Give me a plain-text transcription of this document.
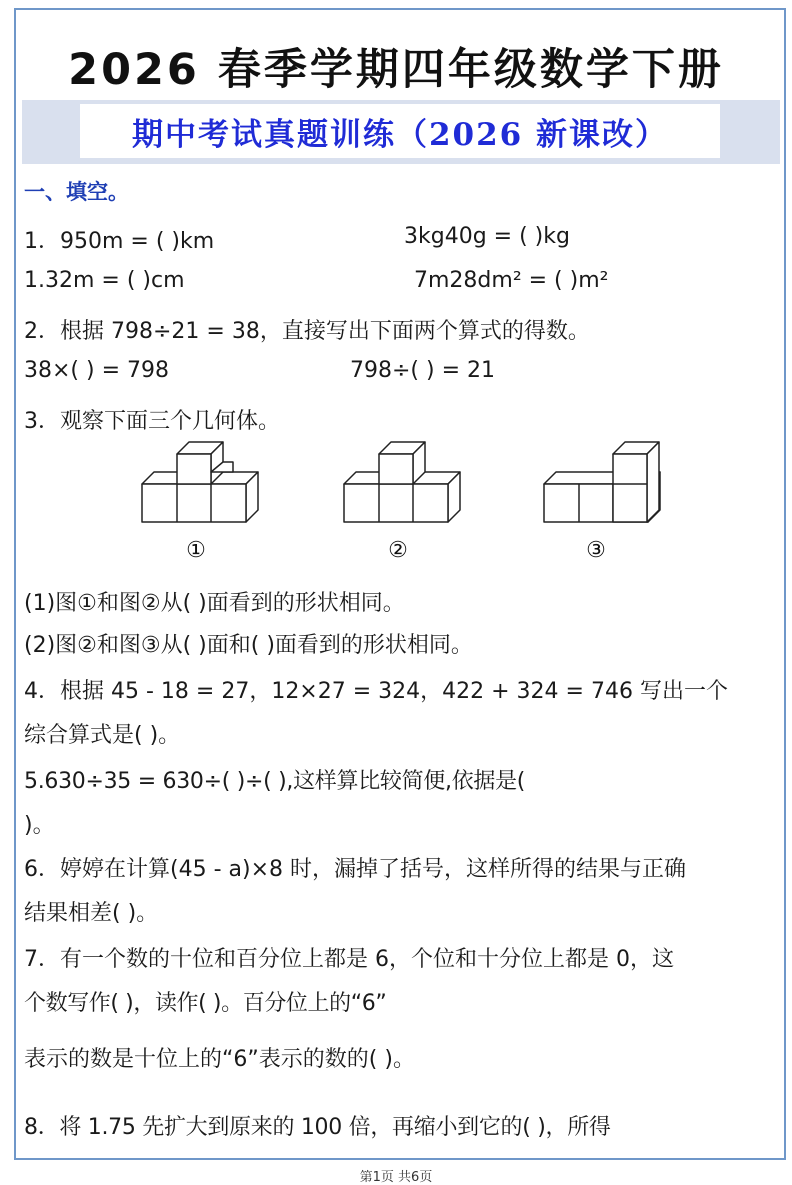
2026 春季学期四年级数学下册
期中考试真题训练（2026 新课改）
一、填空。
1．950m = ( )km	3kg40g = ( )kg
1.32m = ( )cm	7m28dm² = ( )m²
2．根据 798÷21 = 38，直接写出下面两个算式的得数。
38×( ) = 798	798÷( ) = 21
3．观察下面三个几何体。
①	②	③
(1)图①和图②从( )面看到的形状相同。
(2)图②和图③从( )面和( )面看到的形状相同。
4．根据 45 - 18 = 27，12×27 = 324，422 + 324 = 746 写出一个
综合算式是( )。
5.630÷35 = 630÷( )÷( ),这样算比较简便,依据是(
)。
6．婷婷在计算(45 - a)×8 时，漏掉了括号，这样所得的结果与正确
结果相差( )。
7．有一个数的十位和百分位上都是 6，个位和十分位上都是 0，这
个数写作( )，读作( )。百分位上的“6”
表示的数是十位上的“6”表示的数的( )。
8．将 1.75 先扩大到原来的 100 倍，再缩小到它的( )，所得
第1页 共6页
